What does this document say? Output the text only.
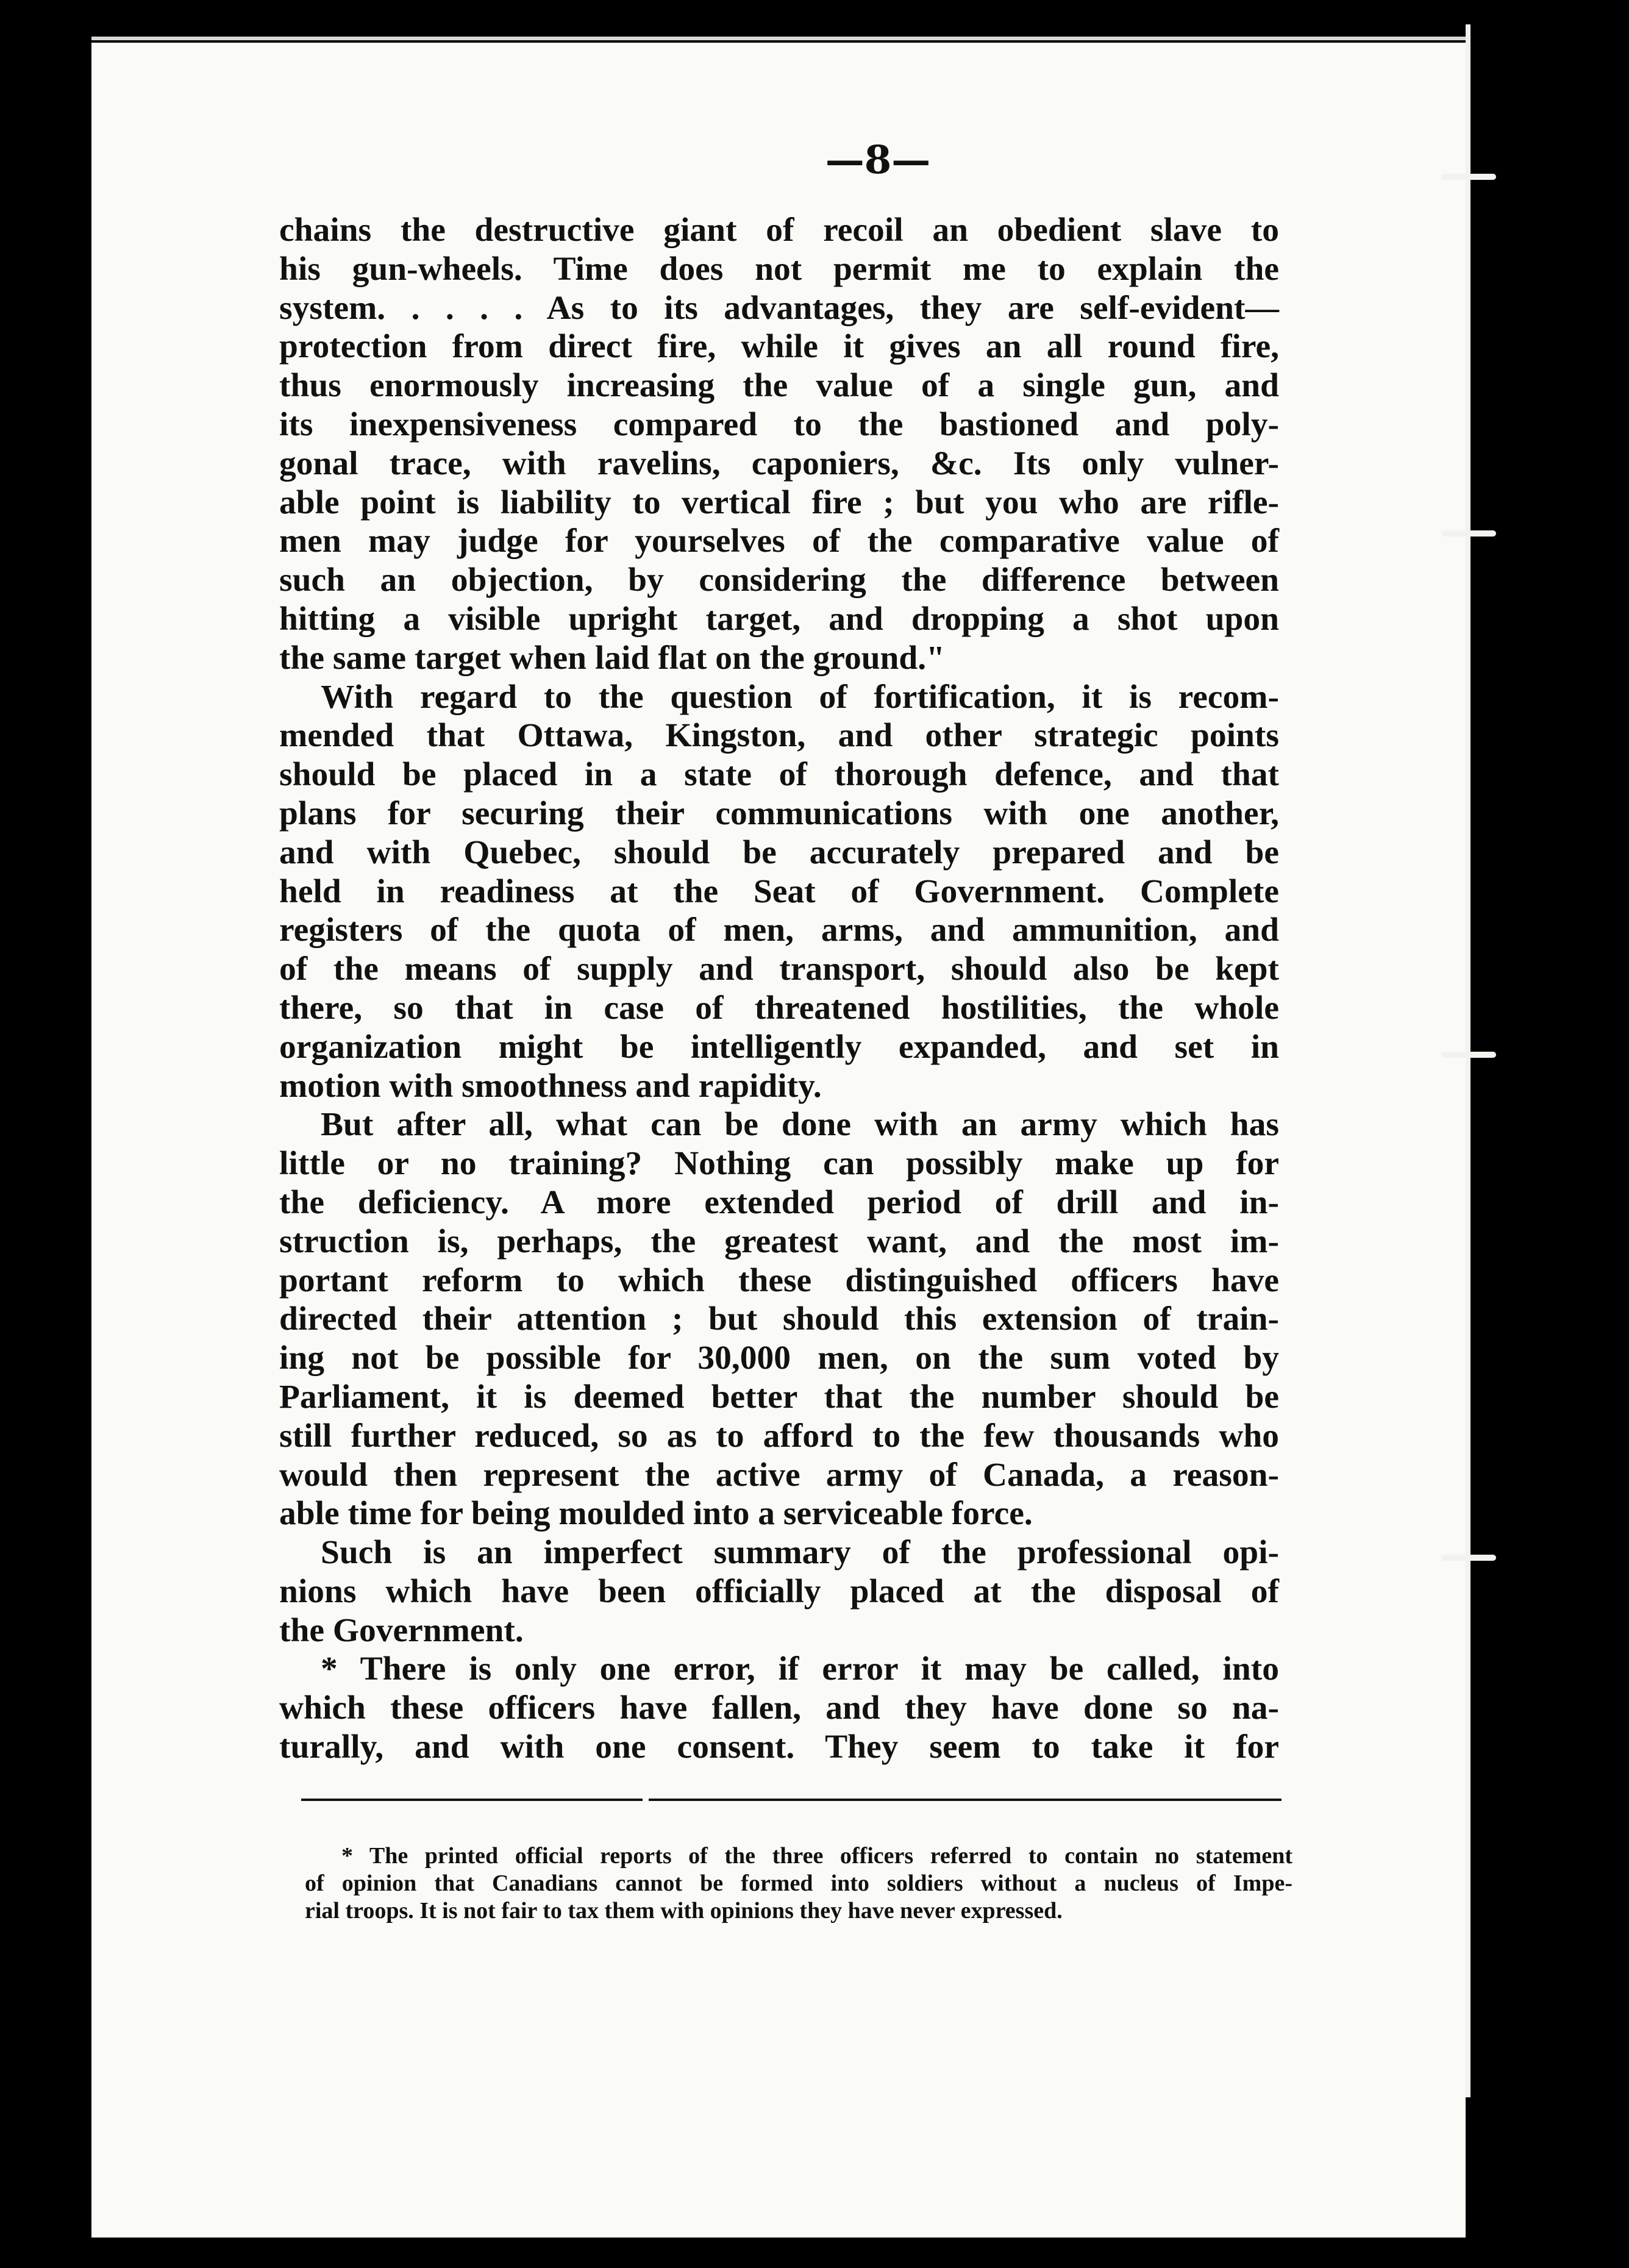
—8—
chains the destructive giant of recoil an obedient slave to
his gun-wheels. Time does not permit me to explain the
system. . . . . As to its advantages, they are self-evident—
protection from direct fire, while it gives an all round fire,
thus enormously increasing the value of a single gun, and
its inexpensiveness compared to the bastioned and poly-
gonal trace, with ravelins, caponiers, &c. Its only vulner-
able point is liability to vertical fire ; but you who are rifle-
men may judge for yourselves of the comparative value of
such an objection, by considering the difference between
hitting a visible upright target, and dropping a shot upon
the same target when laid flat on the ground."
With regard to the question of fortification, it is recom-
mended that Ottawa, Kingston, and other strategic points
should be placed in a state of thorough defence, and that
plans for securing their communications with one another,
and with Quebec, should be accurately prepared and be
held in readiness at the Seat of Government. Complete
registers of the quota of men, arms, and ammunition, and
of the means of supply and transport, should also be kept
there, so that in case of threatened hostilities, the whole
organization might be intelligently expanded, and set in
motion with smoothness and rapidity.
But after all, what can be done with an army which has
little or no training? Nothing can possibly make up for
the deficiency. A more extended period of drill and in-
struction is, perhaps, the greatest want, and the most im-
portant reform to which these distinguished officers have
directed their attention ; but should this extension of train-
ing not be possible for 30,000 men, on the sum voted by
Parliament, it is deemed better that the number should be
still further reduced, so as to afford to the few thousands who
would then represent the active army of Canada, a reason-
able time for being moulded into a serviceable force.
Such is an imperfect summary of the professional opi-
nions which have been officially placed at the disposal of
the Government.
* There is only one error, if error it may be called, into
which these officers have fallen, and they have done so na-
turally, and with one consent. They seem to take it for
* The printed official reports of the three officers referred to contain no statement
of opinion that Canadians cannot be formed into soldiers without a nucleus of Impe-
rial troops. It is not fair to tax them with opinions they have never expressed.
